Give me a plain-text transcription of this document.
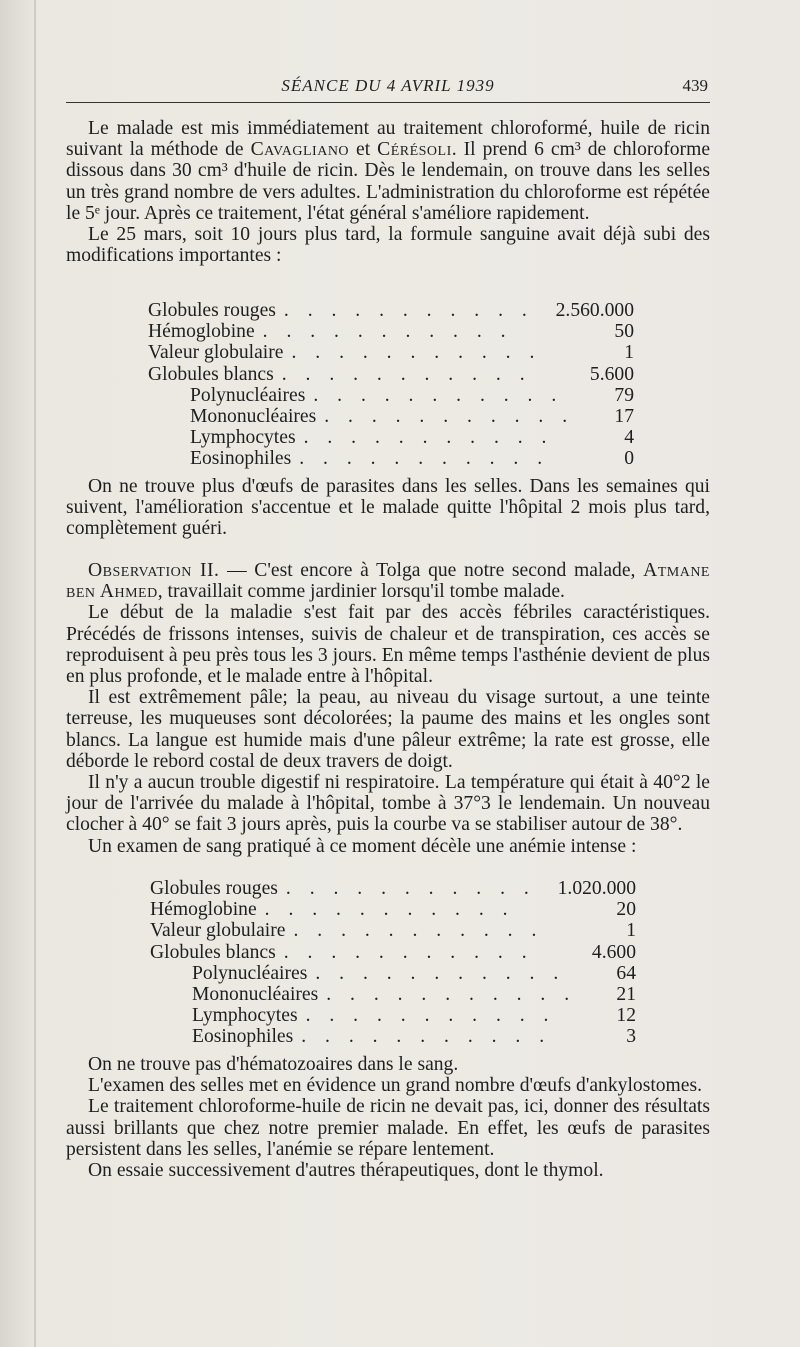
SÉANCE DU 4 AVRIL 1939	439

Le malade est mis immédiatement au traitement chloroformé, huile de ricin suivant la méthode de Cavagliano et Cérésoli. Il prend 6 cm³ de chloroforme dissous dans 30 cm³ d'huile de ricin. Dès le lendemain, on trouve dans les selles un très grand nombre de vers adultes. L'administration du chloroforme est répétée le 5ᵉ jour. Après ce traitement, l'état général s'améliore rapidement.

Le 25 mars, soit 10 jours plus tard, la formule sanguine avait déjà subi des modifications importantes :

. . . . . . . . . . .
Globules rouges	2.560.000

. . . . . . . . . . .
Hémoglobine	50

. . . . . . . . . . .
Valeur globulaire	1

. . . . . . . . . . .
Globules blancs	5.600

. . . . . . . . . . .
Polynucléaires	79

. . . . . . . . . . .
Mononucléaires	17

. . . . . . . . . . .
Lymphocytes	4

. . . . . . . . . . .
Eosinophiles	0

On ne trouve plus d'œufs de parasites dans les selles. Dans les semaines qui suivent, l'amélioration s'accentue et le malade quitte l'hôpital 2 mois plus tard, complètement guéri.

Observation II. — C'est encore à Tolga que notre second malade, Atmane ben Ahmed, travaillait comme jardinier lorsqu'il tombe malade.

Le début de la maladie s'est fait par des accès fébriles caractéristiques. Précédés de frissons intenses, suivis de chaleur et de transpiration, ces accès se reproduisent à peu près tous les 3 jours. En même temps l'asthénie devient de plus en plus profonde, et le malade entre à l'hôpital.

Il est extrêmement pâle; la peau, au niveau du visage surtout, a une teinte terreuse, les muqueuses sont décolorées; la paume des mains et les ongles sont blancs. La langue est humide mais d'une pâleur extrême; la rate est grosse, elle déborde le rebord costal de deux travers de doigt.

Il n'y a aucun trouble digestif ni respiratoire. La température qui était à 40°2 le jour de l'arrivée du malade à l'hôpital, tombe à 37°3 le lendemain. Un nouveau clocher à 40° se fait 3 jours après, puis la courbe va se stabiliser autour de 38°.

Un examen de sang pratiqué à ce moment décèle une anémie intense :

. . . . . . . . . . .
Globules rouges	1.020.000

. . . . . . . . . . .
Hémoglobine	20

. . . . . . . . . . .
Valeur globulaire	1

. . . . . . . . . . .
Globules blancs	4.600

. . . . . . . . . . .
Polynucléaires	64

. . . . . . . . . . .
Mononucléaires	21

. . . . . . . . . . .
Lymphocytes	12

. . . . . . . . . . .
Eosinophiles	3

On ne trouve pas d'hématozoaires dans le sang.

L'examen des selles met en évidence un grand nombre d'œufs d'ankylostomes.

Le traitement chloroforme-huile de ricin ne devait pas, ici, donner des résultats aussi brillants que chez notre premier malade. En effet, les œufs de parasites persistent dans les selles, l'anémie se répare lentement.

On essaie successivement d'autres thérapeutiques, dont le thymol.
